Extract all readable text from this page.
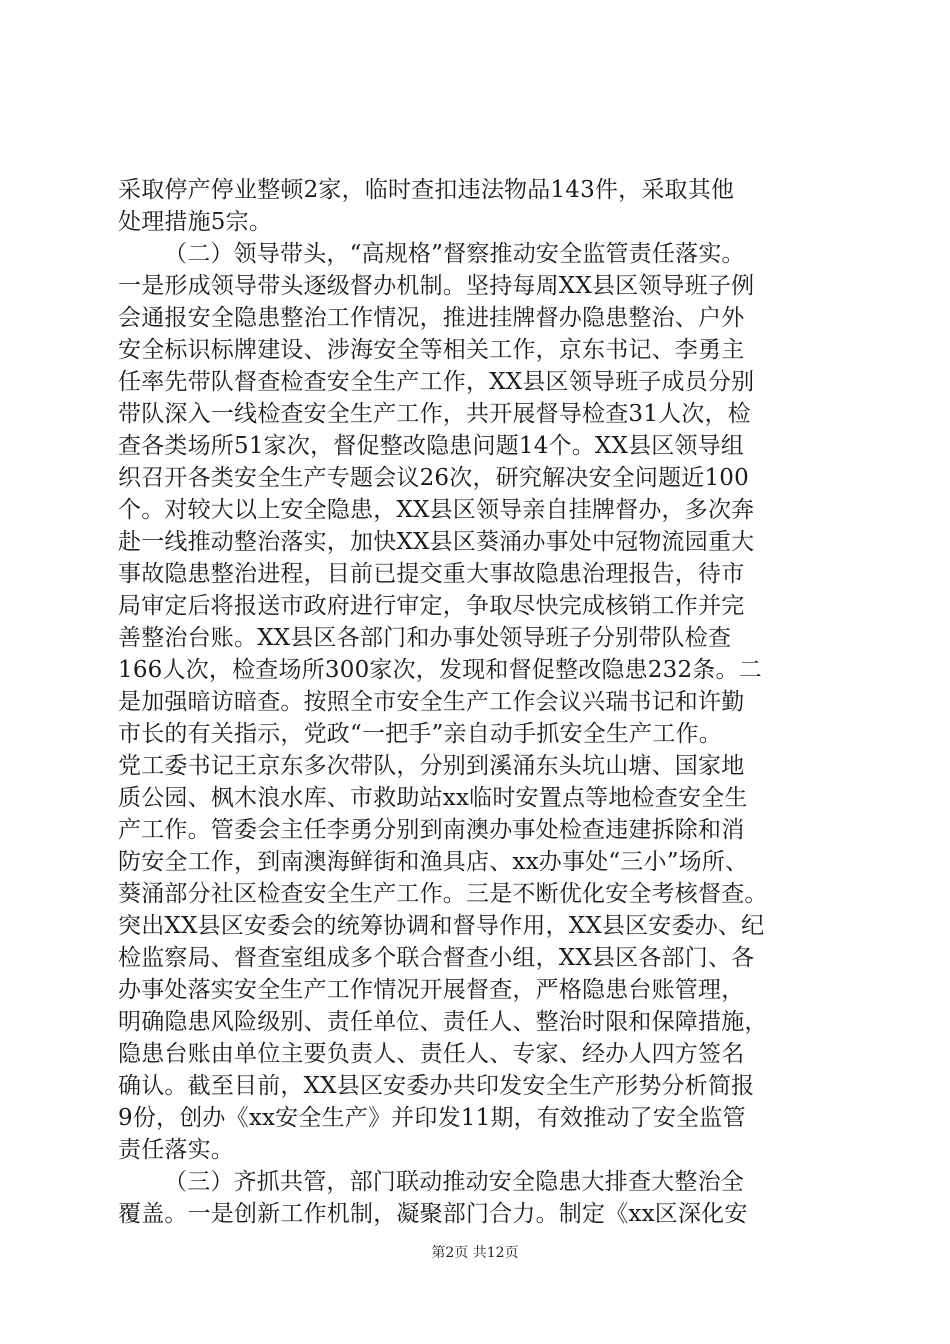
采取停产停业整顿2家，临时查扣违法物品143件，采取其他
处理措施5宗。
（二）领导带头，“高规格”督察推动安全监管责任落实。
一是形成领导带头逐级督办机制。坚持每周XX县区领导班子例
会通报安全隐患整治工作情况，推进挂牌督办隐患整治、户外
安全标识标牌建设、涉海安全等相关工作，京东书记、李勇主
任率先带队督查检查安全生产工作，XX县区领导班子成员分别
带队深入一线检查安全生产工作，共开展督导检查31人次，检
查各类场所51家次，督促整改隐患问题14个。XX县区领导组
织召开各类安全生产专题会议26次，研究解决安全问题近100
个。对较大以上安全隐患，XX县区领导亲自挂牌督办，多次奔
赴一线推动整治落实，加快XX县区葵涌办事处中冠物流园重大
事故隐患整治进程，目前已提交重大事故隐患治理报告，待市
局审定后将报送市政府进行审定，争取尽快完成核销工作并完
善整治台账。XX县区各部门和办事处领导班子分别带队检查
166人次，检查场所300家次，发现和督促整改隐患232条。二
是加强暗访暗查。按照全市安全生产工作会议兴瑞书记和许勤
市长的有关指示，党政“一把手”亲自动手抓安全生产工作。
党工委书记王京东多次带队，分别到溪涌东头坑山塘、国家地
质公园、枫木浪水库、市救助站xx临时安置点等地检查安全生
产工作。管委会主任李勇分别到南澳办事处检查违建拆除和消
防安全工作，到南澳海鲜街和渔具店、xx办事处“三小”场所、
葵涌部分社区检查安全生产工作。三是不断优化安全考核督查。
突出XX县区安委会的统筹协调和督导作用，XX县区安委办、纪
检监察局、督查室组成多个联合督查小组，XX县区各部门、各
办事处落实安全生产工作情况开展督查，严格隐患台账管理，
明确隐患风险级别、责任单位、责任人、整治时限和保障措施，
隐患台账由单位主要负责人、责任人、专家、经办人四方签名
确认。截至目前，XX县区安委办共印发安全生产形势分析简报
9份，创办《xx安全生产》并印发11期，有效推动了安全监管
责任落实。
（三）齐抓共管，部门联动推动安全隐患大排查大整治全
覆盖。一是创新工作机制，凝聚部门合力。制定《xx区深化安
第2页 共12页
